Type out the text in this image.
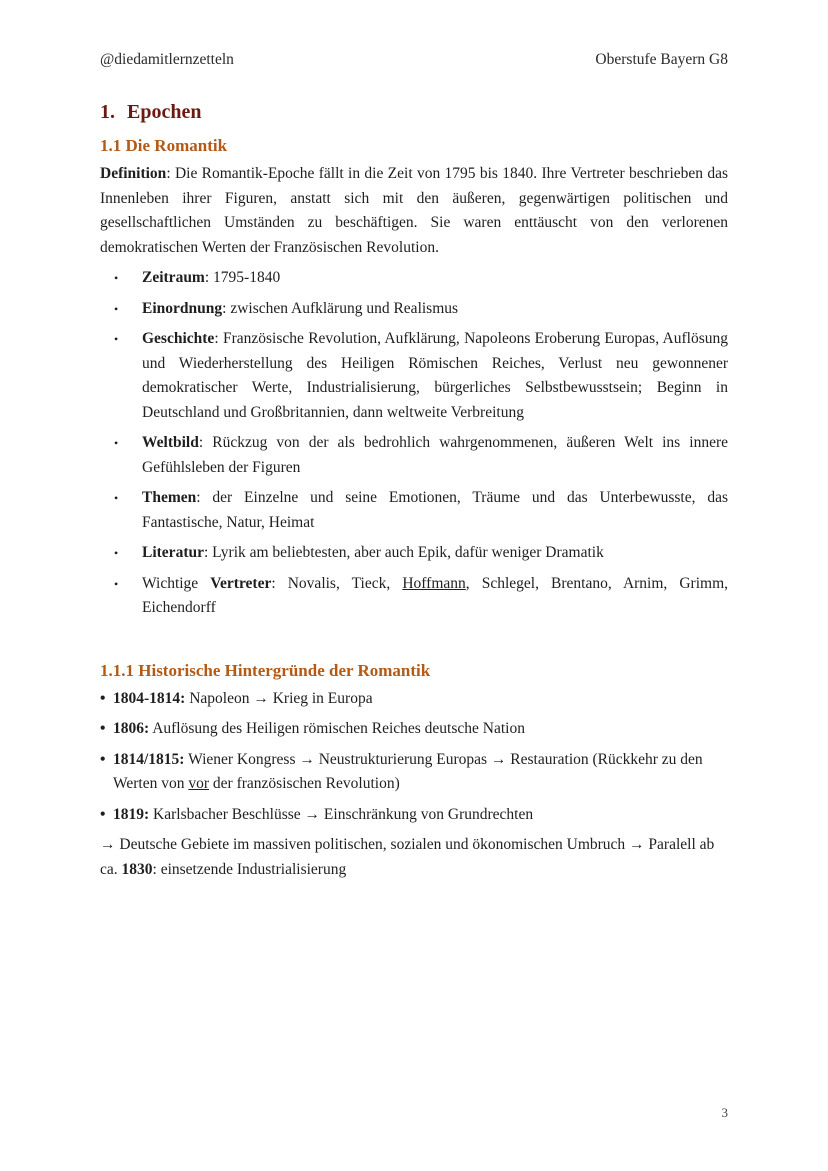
@diedamitlernzetteln	Oberstufe Bayern G8
1. Epochen
1.1 Die Romantik

Definition: Die Romantik-Epoche fällt in die Zeit von 1795 bis 1840. Ihre Vertreter beschrieben das Innenleben ihrer Figuren, anstatt sich mit den äußeren, gegenwärtigen politischen und gesellschaftlichen Umständen zu beschäftigen. Sie waren enttäuscht von den verlorenen demokratischen Werten der Französischen Revolution.

• Zeitraum: 1795-1840
• Einordnung: zwischen Aufklärung und Realismus
• Geschichte: Französische Revolution, Aufklärung, Napoleons Eroberung Europas, Auflösung und Wiederherstellung des Heiligen Römischen Reiches, Verlust neu gewonnener demokratischer Werte, Industrialisierung, bürgerliches Selbstbewusstsein; Beginn in Deutschland und Großbritannien, dann weltweite Verbreitung
• Weltbild: Rückzug von der als bedrohlich wahrgenommenen, äußeren Welt ins innere Gefühlsleben der Figuren
• Themen: der Einzelne und seine Emotionen, Träume und das Unterbewusste, das Fantastische, Natur, Heimat
• Literatur: Lyrik am beliebtesten, aber auch Epik, dafür weniger Dramatik
• Wichtige Vertreter: Novalis, Tieck, Hoffmann, Schlegel, Brentano, Arnim, Grimm, Eichendorff
1.1.1 Historische Hintergründe der Romantik
• 1804-1814: Napoleon → Krieg in Europa
• 1806: Auflösung des Heiligen römischen Reiches deutsche Nation
• 1814/1815: Wiener Kongress → Neustrukturierung Europas → Restauration (Rückkehr zu den Werten von vor der französischen Revolution)
• 1819: Karlsbacher Beschlüsse → Einschränkung von Grundrechten

→ Deutsche Gebiete im massiven politischen, sozialen und ökonomischen Umbruch → Paralell ab ca. 1830: einsetzende Industrialisierung

3
